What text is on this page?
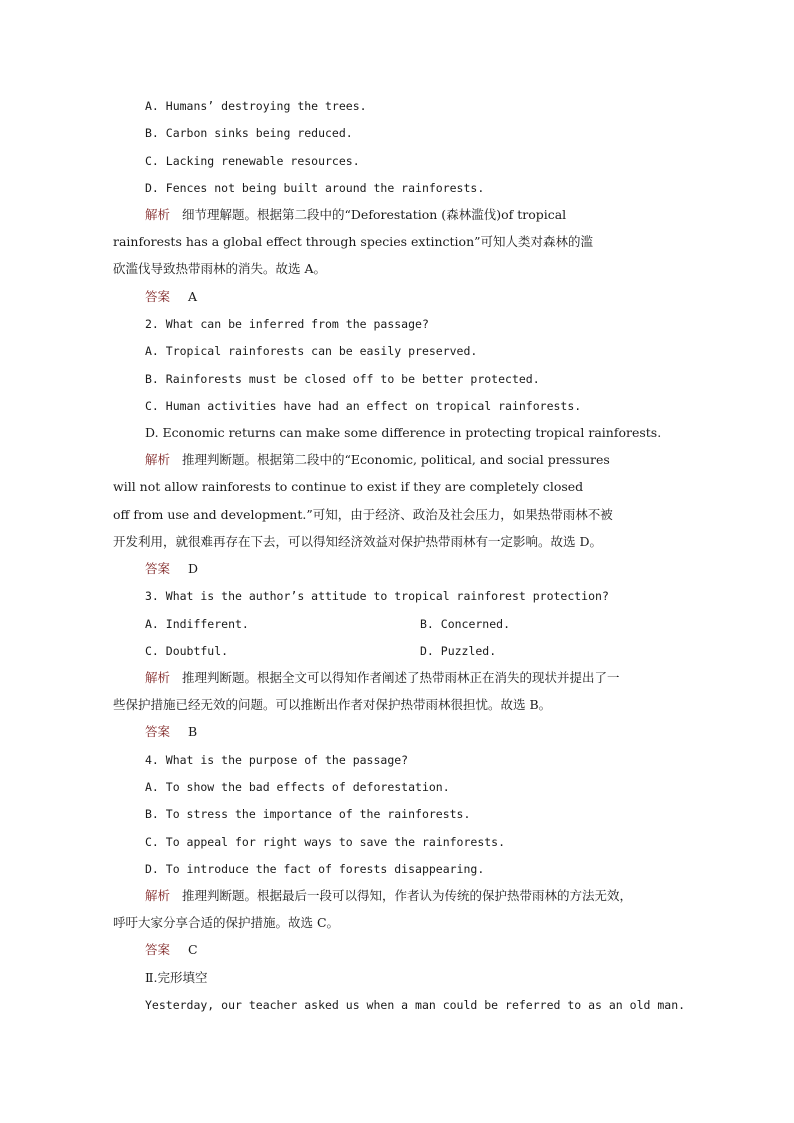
A. Humans’ destroying the trees.
B. Carbon sinks being reduced.
C. Lacking renewable resources.
D. Fences not being built around the rainforests.
解析 细节理解题。根据第二段中的“Deforestation (森林滥伐)of tropical
rainforests has a global effect through species extinction”可知人类对森林的滥
砍滥伐导致热带雨林的消失。故选 A。
答案 A
2. What can be inferred from the passage?
A. Tropical rainforests can be easily preserved.
B. Rainforests must be closed off to be better protected.
C. Human activities have had an effect on tropical rainforests.
D. Economic returns can make some difference in protecting tropical rainforests.
解析 推理判断题。根据第二段中的“Economic, political, and social pressures
will not allow rainforests to continue to exist if they are completely closed
off from use and development.”可知，由于经济、政治及社会压力，如果热带雨林不被
开发利用，就很难再存在下去，可以得知经济效益对保护热带雨林有一定影响。故选 D。
答案 D
3. What is the author’s attitude to tropical rainforest protection?
A. Indifferent.	B. Concerned.
C. Doubtful.	D. Puzzled.
解析 推理判断题。根据全文可以得知作者阐述了热带雨林正在消失的现状并提出了一
些保护措施已经无效的问题。可以推断出作者对保护热带雨林很担忧。故选 B。
答案 B
4. What is the purpose of the passage?
A. To show the bad effects of deforestation.
B. To stress the importance of the rainforests.
C. To appeal for right ways to save the rainforests.
D. To introduce the fact of forests disappearing.
解析 推理判断题。根据最后一段可以得知，作者认为传统的保护热带雨林的方法无效，
呼吁大家分享合适的保护措施。故选 C。
答案 C
Ⅱ.完形填空
Yesterday, our teacher asked us when a man could be referred to as an old man.
